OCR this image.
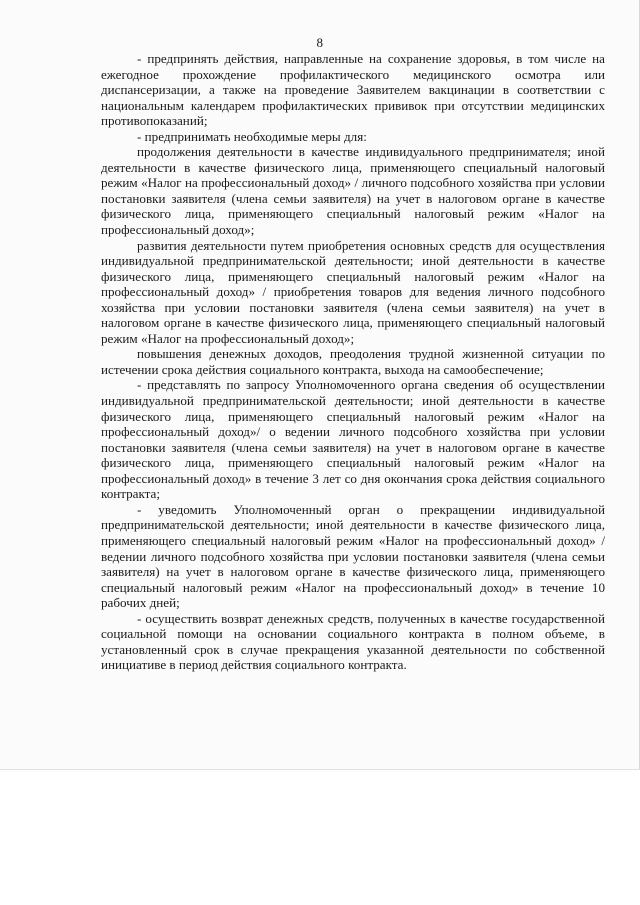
8

- предпринять действия, направленные на сохранение здоровья, в том числе на ежегодное прохождение профилактического медицинского осмотра или диспансеризации, а также на проведение Заявителем вакцинации в соответствии с национальным календарем профилактических прививок при отсутствии медицинских противопоказаний;

- предпринимать необходимые меры для:

продолжения деятельности в качестве индивидуального предпринимателя; иной деятельности в качестве физического лица, применяющего специальный налоговый режим «Налог на профессиональный доход» / личного подсобного хозяйства при условии постановки заявителя (члена семьи заявителя) на учет в налоговом органе в качестве физического лица, применяющего специальный налоговый режим «Налог на профессиональный доход»;

развития деятельности путем приобретения основных средств для осуществления индивидуальной предпринимательской деятельности; иной деятельности в качестве физического лица, применяющего специальный налоговый режим «Налог на профессиональный доход» / приобретения товаров для ведения личного подсобного хозяйства при условии постановки заявителя (члена семьи заявителя) на учет в налоговом органе в качестве физического лица, применяющего специальный налоговый режим «Налог на профессиональный доход»;

повышения денежных доходов, преодоления трудной жизненной ситуации по истечении срока действия социального контракта, выхода на самообеспечение;

- представлять по запросу Уполномоченного органа сведения об осуществлении индивидуальной предпринимательской деятельности; иной деятельности в качестве физического лица, применяющего специальный налоговый режим «Налог на профессиональный доход»/ о ведении личного подсобного хозяйства при условии постановки заявителя (члена семьи заявителя) на учет в налоговом органе в качестве физического лица, применяющего специальный налоговый режим «Налог на профессиональный доход» в течение 3 лет со дня окончания срока действия социального контракта;

- уведомить Уполномоченный орган о прекращении индивидуальной предпринимательской деятельности; иной деятельности в качестве физического лица, применяющего специальный налоговый режим «Налог на профессиональный доход» / ведении личного подсобного хозяйства при условии постановки заявителя (члена семьи заявителя) на учет в налоговом органе в качестве физического лица, применяющего специальный налоговый режим «Налог на профессиональный доход» в течение 10 рабочих дней;

- осуществить возврат денежных средств, полученных в качестве государственной социальной помощи на основании социального контракта в полном объеме, в установленный срок в случае прекращения указанной деятельности по собственной инициативе в период действия социального контракта.
